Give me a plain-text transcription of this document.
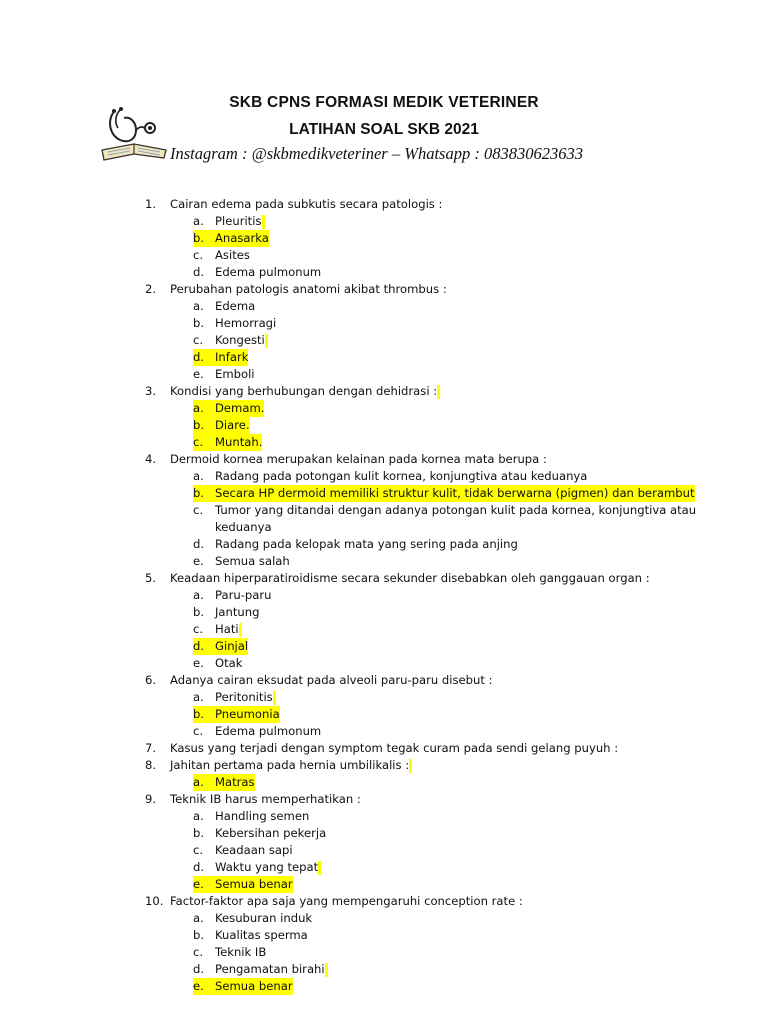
SKB CPNS FORMASI MEDIK VETERINER
LATIHAN SOAL SKB 2021
Instagram : @skbmedikveteriner – Whatsapp : 083830623633
1. Cairan edema pada subkutis secara patologis :
a. Pleuritis
b. Anasarka
c. Asites
d. Edema pulmonum
2. Perubahan patologis anatomi akibat thrombus :
a. Edema
b. Hemorragi
c. Kongesti
d. Infark
e. Emboli
3. Kondisi yang berhubungan dengan dehidrasi :
a. Demam.
b. Diare.
c.	Muntah.
4. Dermoid kornea merupakan kelainan pada kornea mata berupa :
a. Radang pada potongan kulit kornea, konjungtiva atau keduanya
b. Secara HP dermoid memiliki struktur kulit, tidak berwarna (pigmen) dan berambut
c. Tumor yang ditandai dengan adanya potongan kulit pada kornea, konjungtiva atau
keduanya
d. Radang pada kelopak mata yang sering pada anjing
e. Semua salah
5. Keadaan hiperparatiroidisme secara sekunder disebabkan oleh ganggauan organ :
a. Paru-paru
b. Jantung
c. Hati
d. Ginjal
e. Otak
6. Adanya cairan eksudat pada alveoli paru-paru disebut :
a. Peritonitis
b. Pneumonia
c. Edema pulmonum
7. Kasus yang terjadi dengan symptom tegak curam pada sendi gelang puyuh :
8. Jahitan pertama pada hernia umbilikalis :
a. Matras
9. Teknik IB harus memperhatikan :
a. Handling semen
b. Kebersihan pekerja
c. Keadaan sapi
d. Waktu yang tepat
e. Semua benar
10. Factor-faktor apa saja yang mempengaruhi conception rate :
a. Kesuburan induk
b. Kualitas sperma
c. Teknik IB
d. Pengamatan birahi
e. Semua benar
